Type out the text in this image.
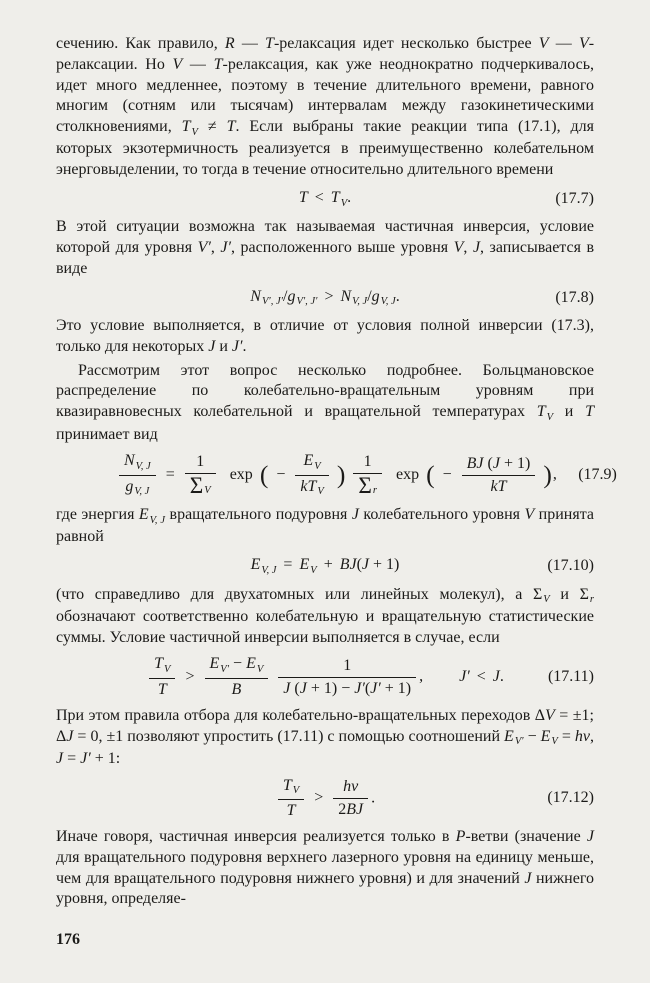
сечению. Как правило, R — T-релаксация идет несколько быстрее V — V-релаксации. Но V — T-релаксация, как уже неоднократно подчеркивалось, идет много медленнее, поэтому в течение длительного времени, равного многим (сотням или тысячам) интервалам между газокинетическими столкновениями, $T_V \ne T$. Если выбраны такие реакции типа (17.1), для которых экзотермичность реализуется в преимущественно колебательном энерговыделении, то тогда в течение относительно длительного времени

$T < T_V$.	(17.7)

В этой ситуации возможна так называемая частичная инверсия, условие которой для уровня V′, J′, расположенного выше уровня V, J, записывается в виде

$N_{V', J'}/g_{V', J'} > N_{V, J}/g_{V, J}$.	(17.8)

Это условие выполняется, в отличие от условия полной инверсии (17.3), только для некоторых J и J′.

Рассмотрим этот вопрос несколько подробнее. Больцмановское распределение по колебательно-вращательным уровням при квазиравновесных колебательной и вращательной температурах $T_V$ и T принимает вид

$\frac{N_{V, J}}{g_{V, J}} = \frac{1}{\Sigma_V}$ exp ( − $\frac{E_V}{kT_V}$ ) $\frac{1}{\Sigma_r}$ exp ( − $\frac{BJ (J + 1)}{kT}$ ),	(17.9)

где энергия $E_{V, J}$ вращательного подуровня J колебательного уровня V принята равной

$E_{V, J} = E_V + BJ(J + 1)$	(17.10)

(что справедливо для двухатомных или линейных молекул), а $\Sigma_V$ и $\Sigma_r$ обозначают соответственно колебательную и вращательную статистические суммы. Условие частичной инверсии выполняется в случае, если

$\frac{T_V}{T} > \frac{E_{V'} - E_V}{B}$
$\frac{1}{J (J + 1) - J'(J' + 1)}$ , J′ < J.	(17.11)

При этом правила отбора для колебательно-вращательных переходов ΔV = ±1; ΔJ = 0, ±1 позволяют упростить (17.11) с помощью соотношений $E_{V'} - E_V = h\nu$, J = J′ + 1:

$\frac{T_V}{T} > \frac{h\nu}{2BJ}$ .	(17.12)

Иначе говоря, частичная инверсия реализуется только в P-ветви (значение J для вращательного подуровня верхнего лазерного уровня на единицу меньше, чем для вращательного подуровня нижнего уровня) и для значений J нижнего уровня, определяе-

176
